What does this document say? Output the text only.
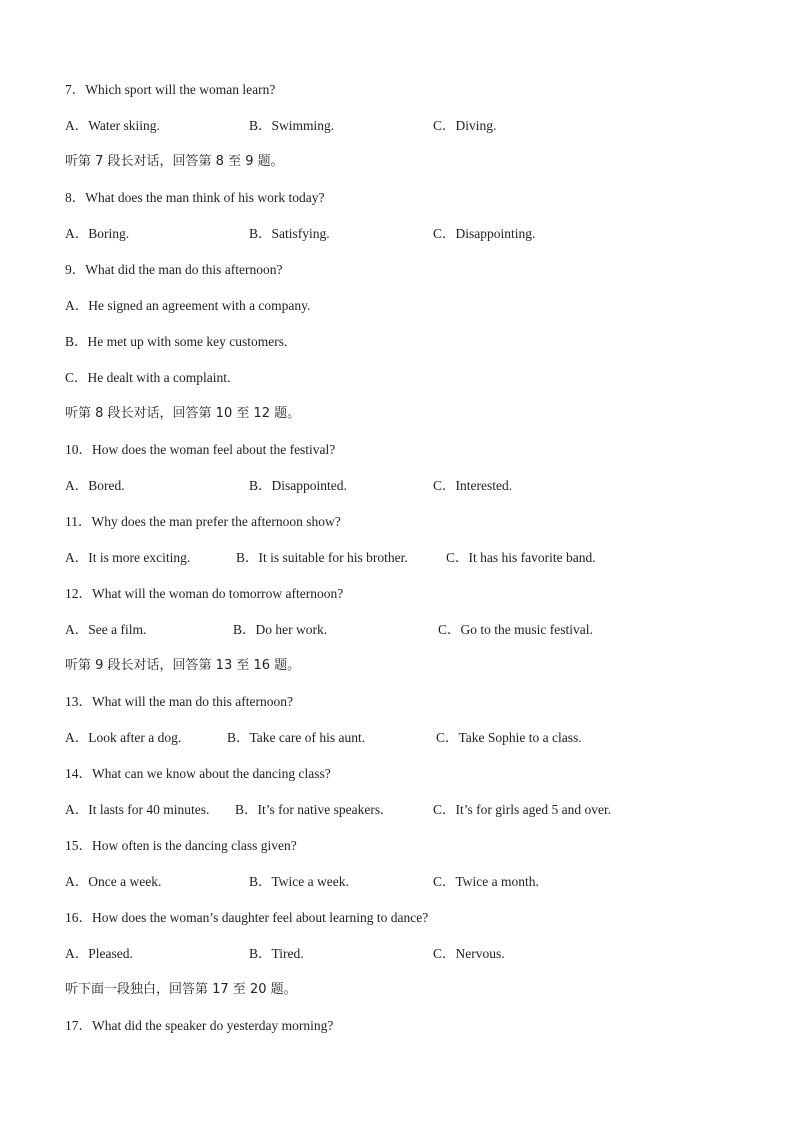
7．Which sport will the woman learn?
A．Water skiing.	B．Swimming.	C．Diving.
听第 7 段长对话，回答第 8 至 9 题。
8．What does the man think of his work today?
A．Boring.	B．Satisfying.	C．Disappointing.
9．What did the man do this afternoon?
A．He signed an agreement with a company.
B．He met up with some key customers.
C．He dealt with a complaint.
听第 8 段长对话，回答第 10 至 12 题。
10．How does the woman feel about the festival?
A．Bored.	B．Disappointed.	C．Interested.
11．Why does the man prefer the afternoon show?
A．It is more exciting.	B．It is suitable for his brother.	C．It has his favorite band.
12．What will the woman do tomorrow afternoon?
A．See a film.	B．Do her work.	C．Go to the music festival.
听第 9 段长对话，回答第 13 至 16 题。
13．What will the man do this afternoon?
A．Look after a dog.	B．Take care of his aunt.	C．Take Sophie to a class.
14．What can we know about the dancing class?
A．It lasts for 40 minutes. B．It’s for native speakers.	C．It’s for girls aged 5 and over.
15．How often is the dancing class given?
A．Once a week.	B．Twice a week.	C．Twice a month.
16．How does the woman’s daughter feel about learning to dance?
A．Pleased.	B．Tired.	C．Nervous.
听下面一段独白，回答第 17 至 20 题。
17．What did the speaker do yesterday morning?
